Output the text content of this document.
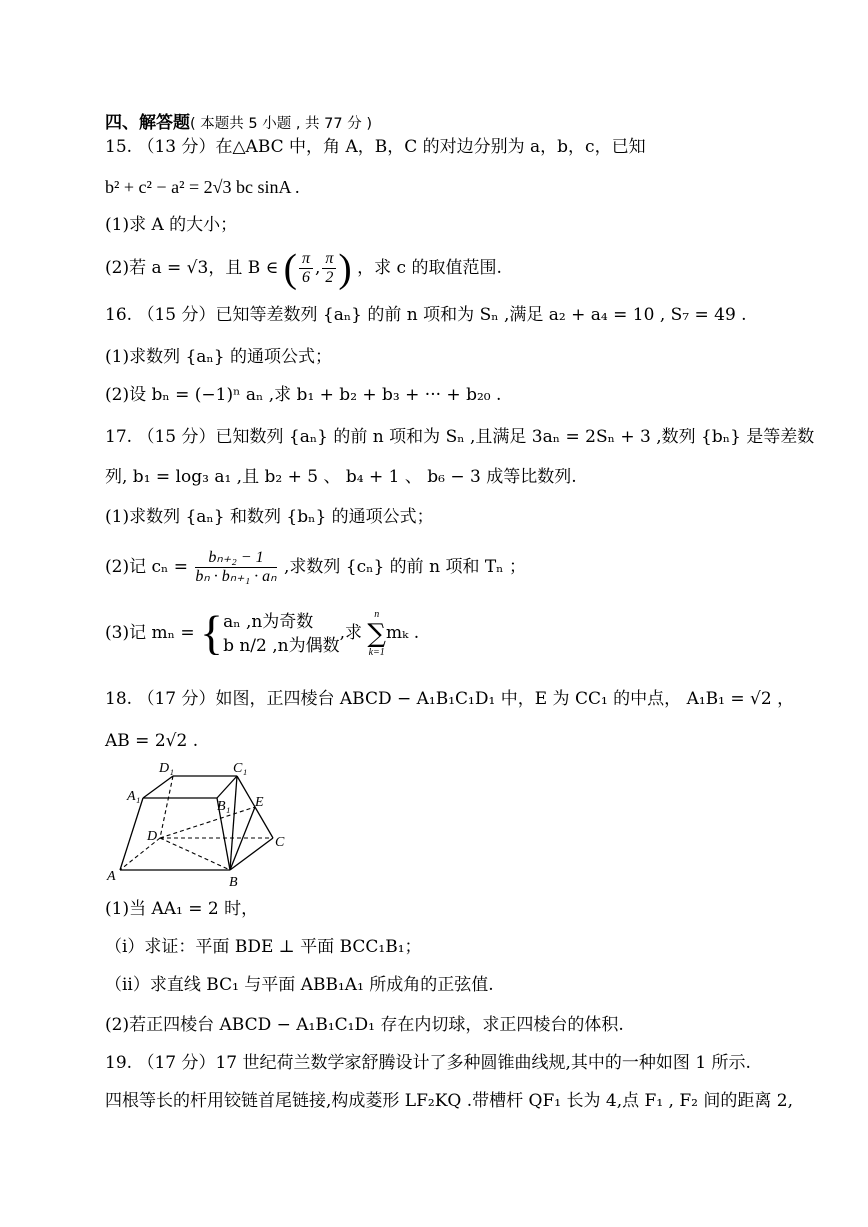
四、解答题( 本题共 5 小题 , 共 77 分 )
15. （13 分）在△ABC 中，角 A，B，C 的对边分别为 a，b，c，已知
b² + c² − a² = 2√3 bc sinA .
(1)求 A 的大小；
(2)若 a = √3，且 B ∈ ( $\frac{\pi}{6}$ , $\frac{\pi}{2}$ ) ，求 c 的取值范围.
16. （15 分）已知等差数列 {aₙ} 的前 n 项和为 Sₙ ,满足 a₂ + a₄ = 10 , S₇ = 49 .
(1)求数列 {aₙ} 的通项公式；
(2)设 bₙ = (−1)ⁿ aₙ ,求 b₁ + b₂ + b₃ + ··· + b₂₀ .
17. （15 分）已知数列 {aₙ} 的前 n 项和为 Sₙ ,且满足 3aₙ = 2Sₙ + 3 ,数列 {bₙ} 是等差数
列, b₁ = log₃ a₁ ,且 b₂ + 5 、 b₄ + 1 、 b₆ − 3 成等比数列.
(1)求数列 {aₙ} 和数列 {bₙ} 的通项公式；
(2)记 $c_n = \frac{\text{bₙ₊₂ − 1}}{\text{bₙ · bₙ₊₁ · aₙ}}$ ,求数列 {cₙ} 的前 n 项和 Tₙ ；
(3)记 mₙ = { aₙ ,n为奇数
b n/2 ,n为偶数
,求
n
∑
k=1
mₖ .
18. （17 分）如图，正四棱台 ABCD − A₁B₁C₁D₁ 中，E 为 CC₁ 的中点， A₁B₁ = √2 ，
AB = 2√2 .
D₁	C₁
A₁
B₁ E
D	C
A	B
(1)当 AA₁ = 2 时，
（i）求证：平面 BDE ⊥ 平面 BCC₁B₁；
（ii）求直线 BC₁ 与平面 ABB₁A₁ 所成角的正弦值.
(2)若正四棱台 ABCD − A₁B₁C₁D₁ 存在内切球，求正四棱台的体积.
19. （17 分）17 世纪荷兰数学家舒腾设计了多种圆锥曲线规,其中的一种如图 1 所示.
四根等长的杆用铰链首尾链接,构成菱形 LF₂KQ .带槽杆 QF₁ 长为 4,点 F₁ , F₂ 间的距离 2,
